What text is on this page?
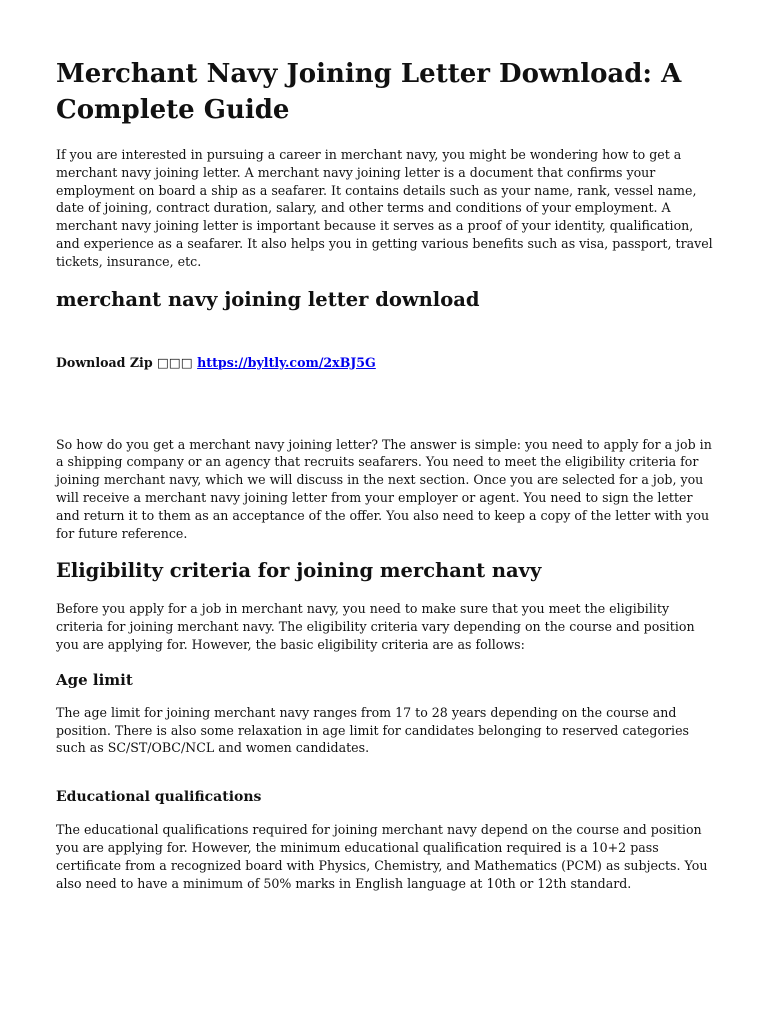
Merchant Navy Joining Letter Download: A Complete Guide

If you are interested in pursuing a career in merchant navy, you might be wondering how to get a merchant navy joining letter. A merchant navy joining letter is a document that confirms your employment on board a ship as a seafarer. It contains details such as your name, rank, vessel name, date of joining, contract duration, salary, and other terms and conditions of your employment. A merchant navy joining letter is important because it serves as a proof of your identity, qualification, and experience as a seafarer. It also helps you in getting various benefits such as visa, passport, travel tickets, insurance, etc.

merchant navy joining letter download
Download Zip □□□ https://byltly.com/2xBJ5G

So how do you get a merchant navy joining letter? The answer is simple: you need to apply for a job in a shipping company or an agency that recruits seafarers. You need to meet the eligibility criteria for joining merchant navy, which we will discuss in the next section. Once you are selected for a job, you will receive a merchant navy joining letter from your employer or agent. You need to sign the letter and return it to them as an acceptance of the offer. You also need to keep a copy of the letter with you for future reference.

Eligibility criteria for joining merchant navy

Before you apply for a job in merchant navy, you need to make sure that you meet the eligibility criteria for joining merchant navy. The eligibility criteria vary depending on the course and position you are applying for. However, the basic eligibility criteria are as follows:

Age limit

The age limit for joining merchant navy ranges from 17 to 28 years depending on the course and position. There is also some relaxation in age limit for candidates belonging to reserved categories such as SC/ST/OBC/NCL and women candidates.

Educational qualifications

The educational qualifications required for joining merchant navy depend on the course and position you are applying for. However, the minimum educational qualification required is a 10+2 pass certificate from a recognized board with Physics, Chemistry, and Mathematics (PCM) as subjects. You also need to have a minimum of 50% marks in English language at 10th or 12th standard.
